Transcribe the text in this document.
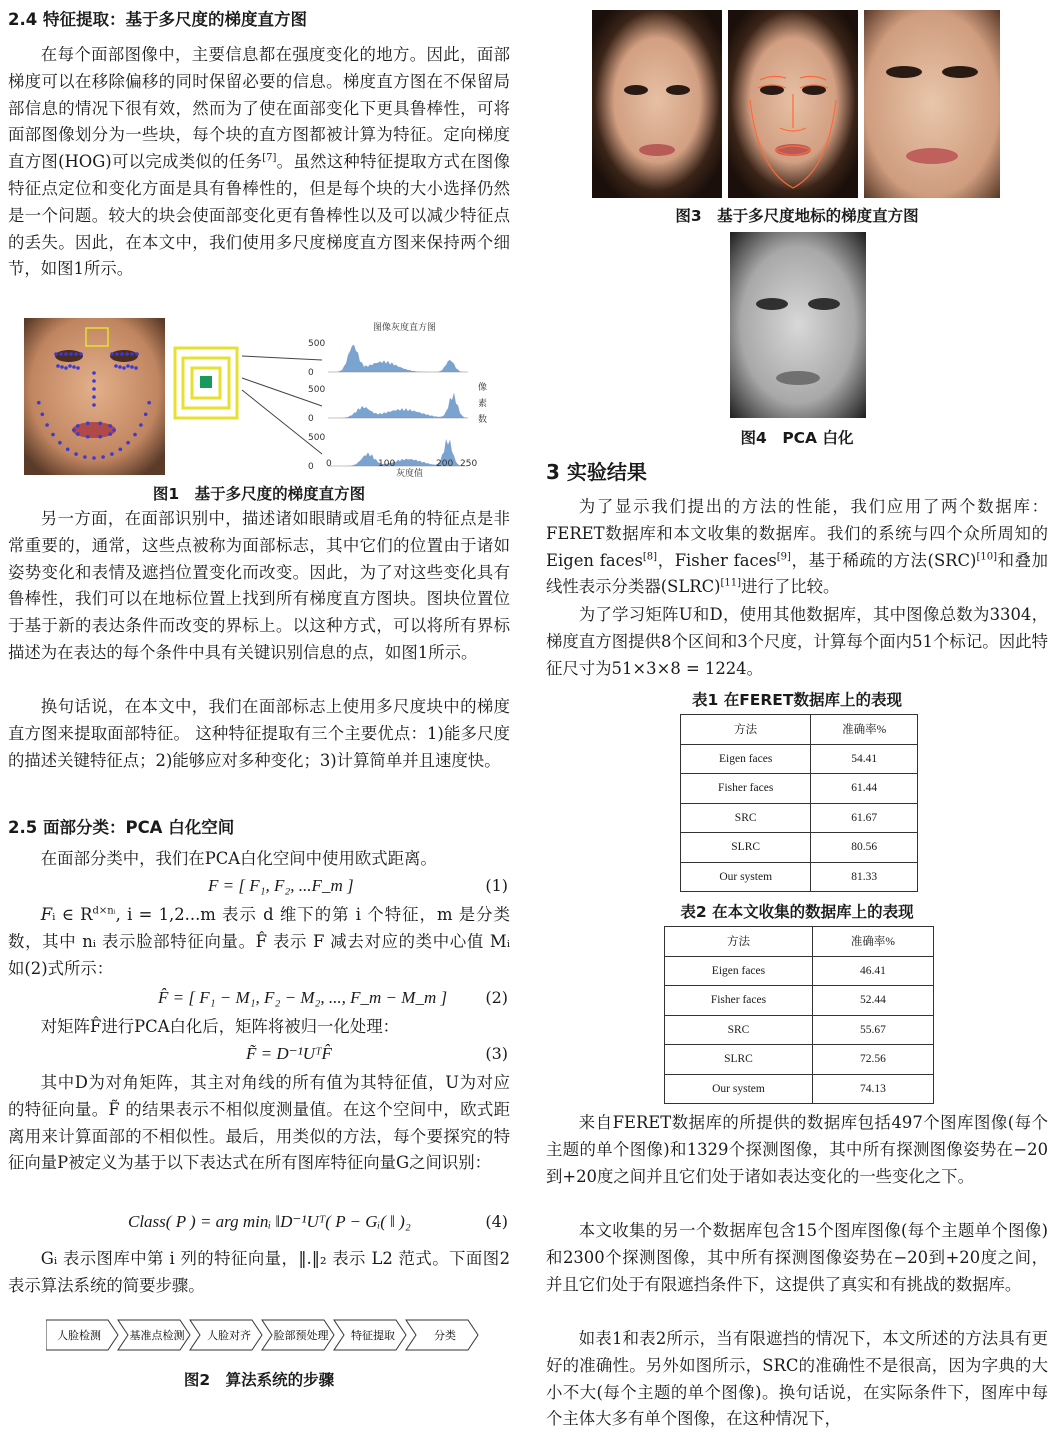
2.4 特征提取：基于多尺度的梯度直方图

在每个面部图像中，主要信息都在强度变化的地方。因此，面部梯度可以在移除偏移的同时保留必要的信息。梯度直方图在不保留局部信息的情况下很有效，然而为了使在面部变化下更具鲁棒性，可将面部图像划分为一些块，每个块的直方图都被计算为特征。定向梯度直方图(HOG)可以完成类似的任务[7]。虽然这种特征提取方式在图像特征点定位和变化方面是具有鲁棒性的，但是每个块的大小选择仍然是一个问题。较大的块会使面部变化更有鲁棒性以及可以减少特征点的丢失。因此，在本文中，我们使用多尺度梯度直方图来保持两个细节，如图1所示。

图像灰度直方图
500
0
500
0
500
0 0	100	200 250
灰度值
像
素
数
图1　基于多尺度的梯度直方图

另一方面，在面部识别中，描述诸如眼睛或眉毛角的特征点是非常重要的，通常，这些点被称为面部标志，其中它们的位置由于诸如姿势变化和表情及遮挡位置变化而改变。因此，为了对这些变化具有鲁棒性，我们可以在地标位置上找到所有梯度直方图块。图块位置位于基于新的表达条件而改变的界标上。以这种方式，可以将所有界标描述为在表达的每个条件中具有关键识别信息的点，如图1所示。

换句话说，在本文中，我们在面部标志上使用多尺度块中的梯度直方图来提取面部特征。 这种特征提取有三个主要优点：1)能多尺度的描述关键特征点；2)能够应对多种变化；3)计算简单并且速度快。

2.5 面部分类：PCA 白化空间

在面部分类中，我们在PCA白化空间中使用欧式距离。

F = [ F₁, F₂, ...F_m ]	(1)

Fᵢ ∈ $R^{d\times nᵢ}$, i = 1,2...m 表示 d 维下的第 i 个特征，m 是分类数，其中 nᵢ 表示脸部特征向量。F̂ 表示 F 减去对应的类中心值 Mᵢ 如(2)式所示：

F̂ = [ F₁ − M₁, F₂ − M₂, ..., F_m − M_m ] (2)

对矩阵F̂进行PCA白化后，矩阵将被归一化处理：

F̃ = D⁻¹UᵀF̂	(3)

其中D为对角矩阵，其主对角线的所有值为其特征值，U为对应的特征向量。F̃ 的结果表示不相似度测量值。在这个空间中，欧式距离用来计算面部的不相似性。最后，用类似的方法，每个要探究的特征向量P被定义为基于以下表达式在所有图库特征向量G之间识别：

Class( P ) = arg minᵢ ‖D⁻¹Uᵀ( P − Gᵢ( ‖ )₂	(4)

Gᵢ 表示图库中第 i 列的特征向量，‖.‖₂ 表示 L2 范式。下面图2表示算法系统的简要步骤。

人脸检测	基准点检测 人脸对齐 脸部预处理 特征提取	分类
图2　算法系统的步骤
图3　基于多尺度地标的梯度直方图
图4　PCA 白化
3 实验结果

为了显示我们提出的方法的性能，我们应用了两个数据库：FERET数据库和本文收集的数据库。我们的系统与四个众所周知的Eigen faces[8]，Fisher faces[9]，基于稀疏的方法(SRC)[10]和叠加线性表示分类器(SLRC)[11]进行了比较。

为了学习矩阵U和D，使用其他数据库，其中图像总数为3304，梯度直方图提供8个区间和3个尺度，计算每个面内51个标记。因此特征尺寸为51×3×8 = 1224。

表1 在FERET数据库上的表现
方法	准确率%
Eigen faces	54.41
Fisher faces	61.44
SRC	61.67
SLRC	80.56
Our system	81.33
表2 在本文收集的数据库上的表现
方法	准确率%
Eigen faces	46.41
Fisher faces	52.44
SRC	55.67
SLRC	72.56
Our system	74.13

来自FERET数据库的所提供的数据库包括497个图库图像(每个主题的单个图像)和1329个探测图像，其中所有探测图像姿势在−20到+20度之间并且它们处于诸如表达变化的一些变化之下。

本文收集的另一个数据库包含15个图库图像(每个主题单个图像)和2300个探测图像，其中所有探测图像姿势在−20到+20度之间，并且它们处于有限遮挡条件下，这提供了真实和有挑战的数据库。

如表1和表2所示，当有限遮挡的情况下，本文所述的方法具有更好的准确性。另外如图所示，SRC的准确性不是很高，因为字典的大小不大(每个主题的单个图像)。换句话说，在实际条件下，图库中每个主体大多有单个图像，在这种情况下，
